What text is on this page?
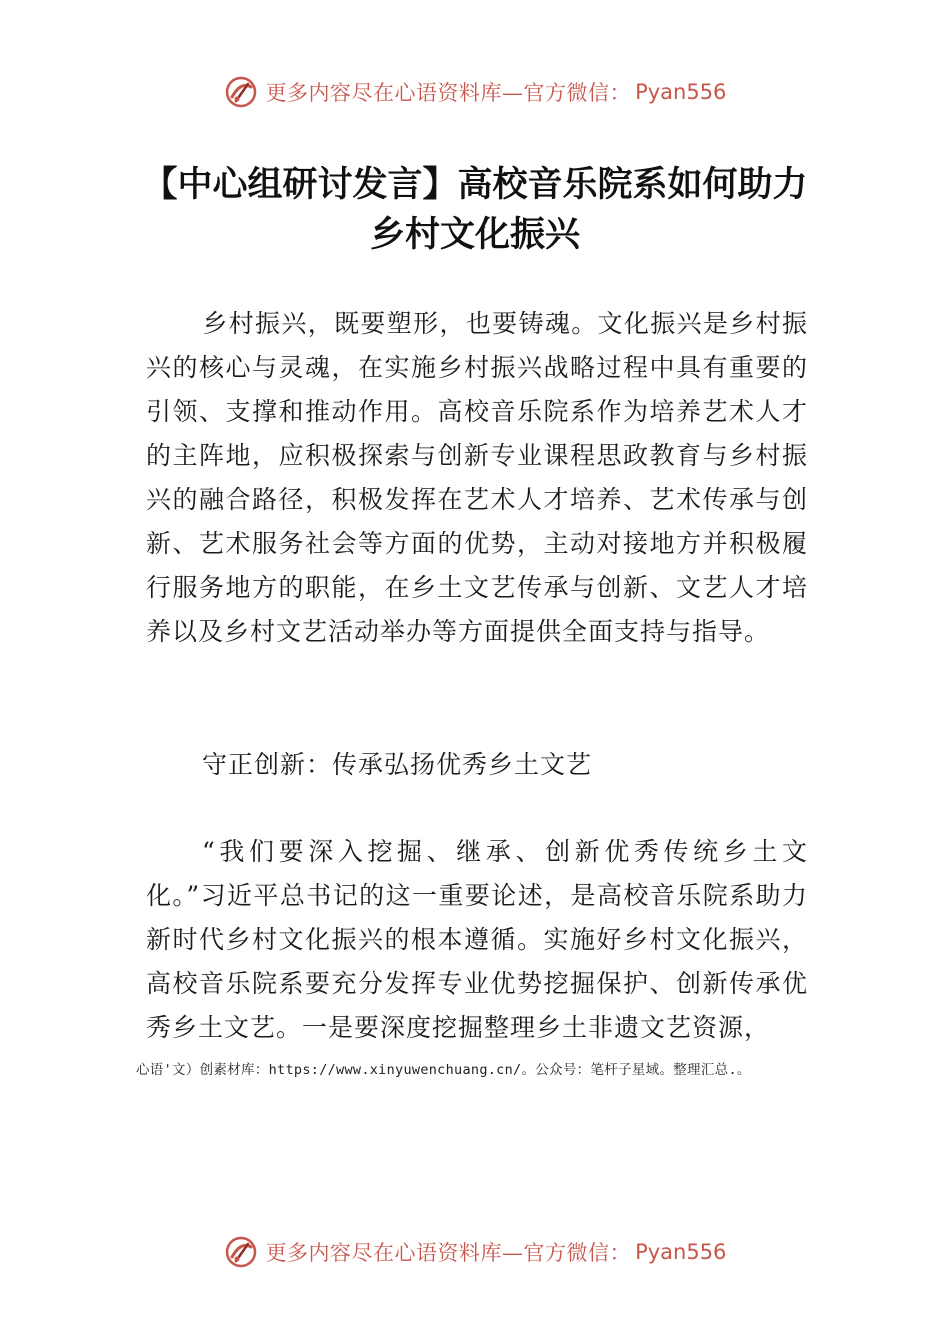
更多内容尽在心语资料库—官方微信： Pyan556
【中心组研讨发言】高校音乐院系如何助力
乡村文化振兴

乡村振兴，既要塑形，也要铸魂。文化振兴是乡村振兴的核心与灵魂，在实施乡村振兴战略过程中具有重要的引领、支撑和推动作用。高校音乐院系作为培养艺术人才的主阵地，应积极探索与创新专业课程思政教育与乡村振兴的融合路径，积极发挥在艺术人才培养、艺术传承与创新、艺术服务社会等方面的优势，主动对接地方并积极履行服务地方的职能，在乡土文艺传承与创新、文艺人才培养以及乡村文艺活动举办等方面提供全面支持与指导。

守正创新：传承弘扬优秀乡土文艺

“我们要深入挖掘、继承、创新优秀传统乡土文化。”习近平总书记的这一重要论述，是高校音乐院系助力新时代乡村文化振兴的根本遵循。实施好乡村文化振兴，高校音乐院系要充分发挥专业优势挖掘保护、创新传承优秀乡土文艺。一是要深度挖掘整理乡土非遗文艺资源，

心语'文）创素材库：https://www.xinyuwenchuang.cn/。公众号：笔杆子星域。整理汇总.。
更多内容尽在心语资料库—官方微信： Pyan556
